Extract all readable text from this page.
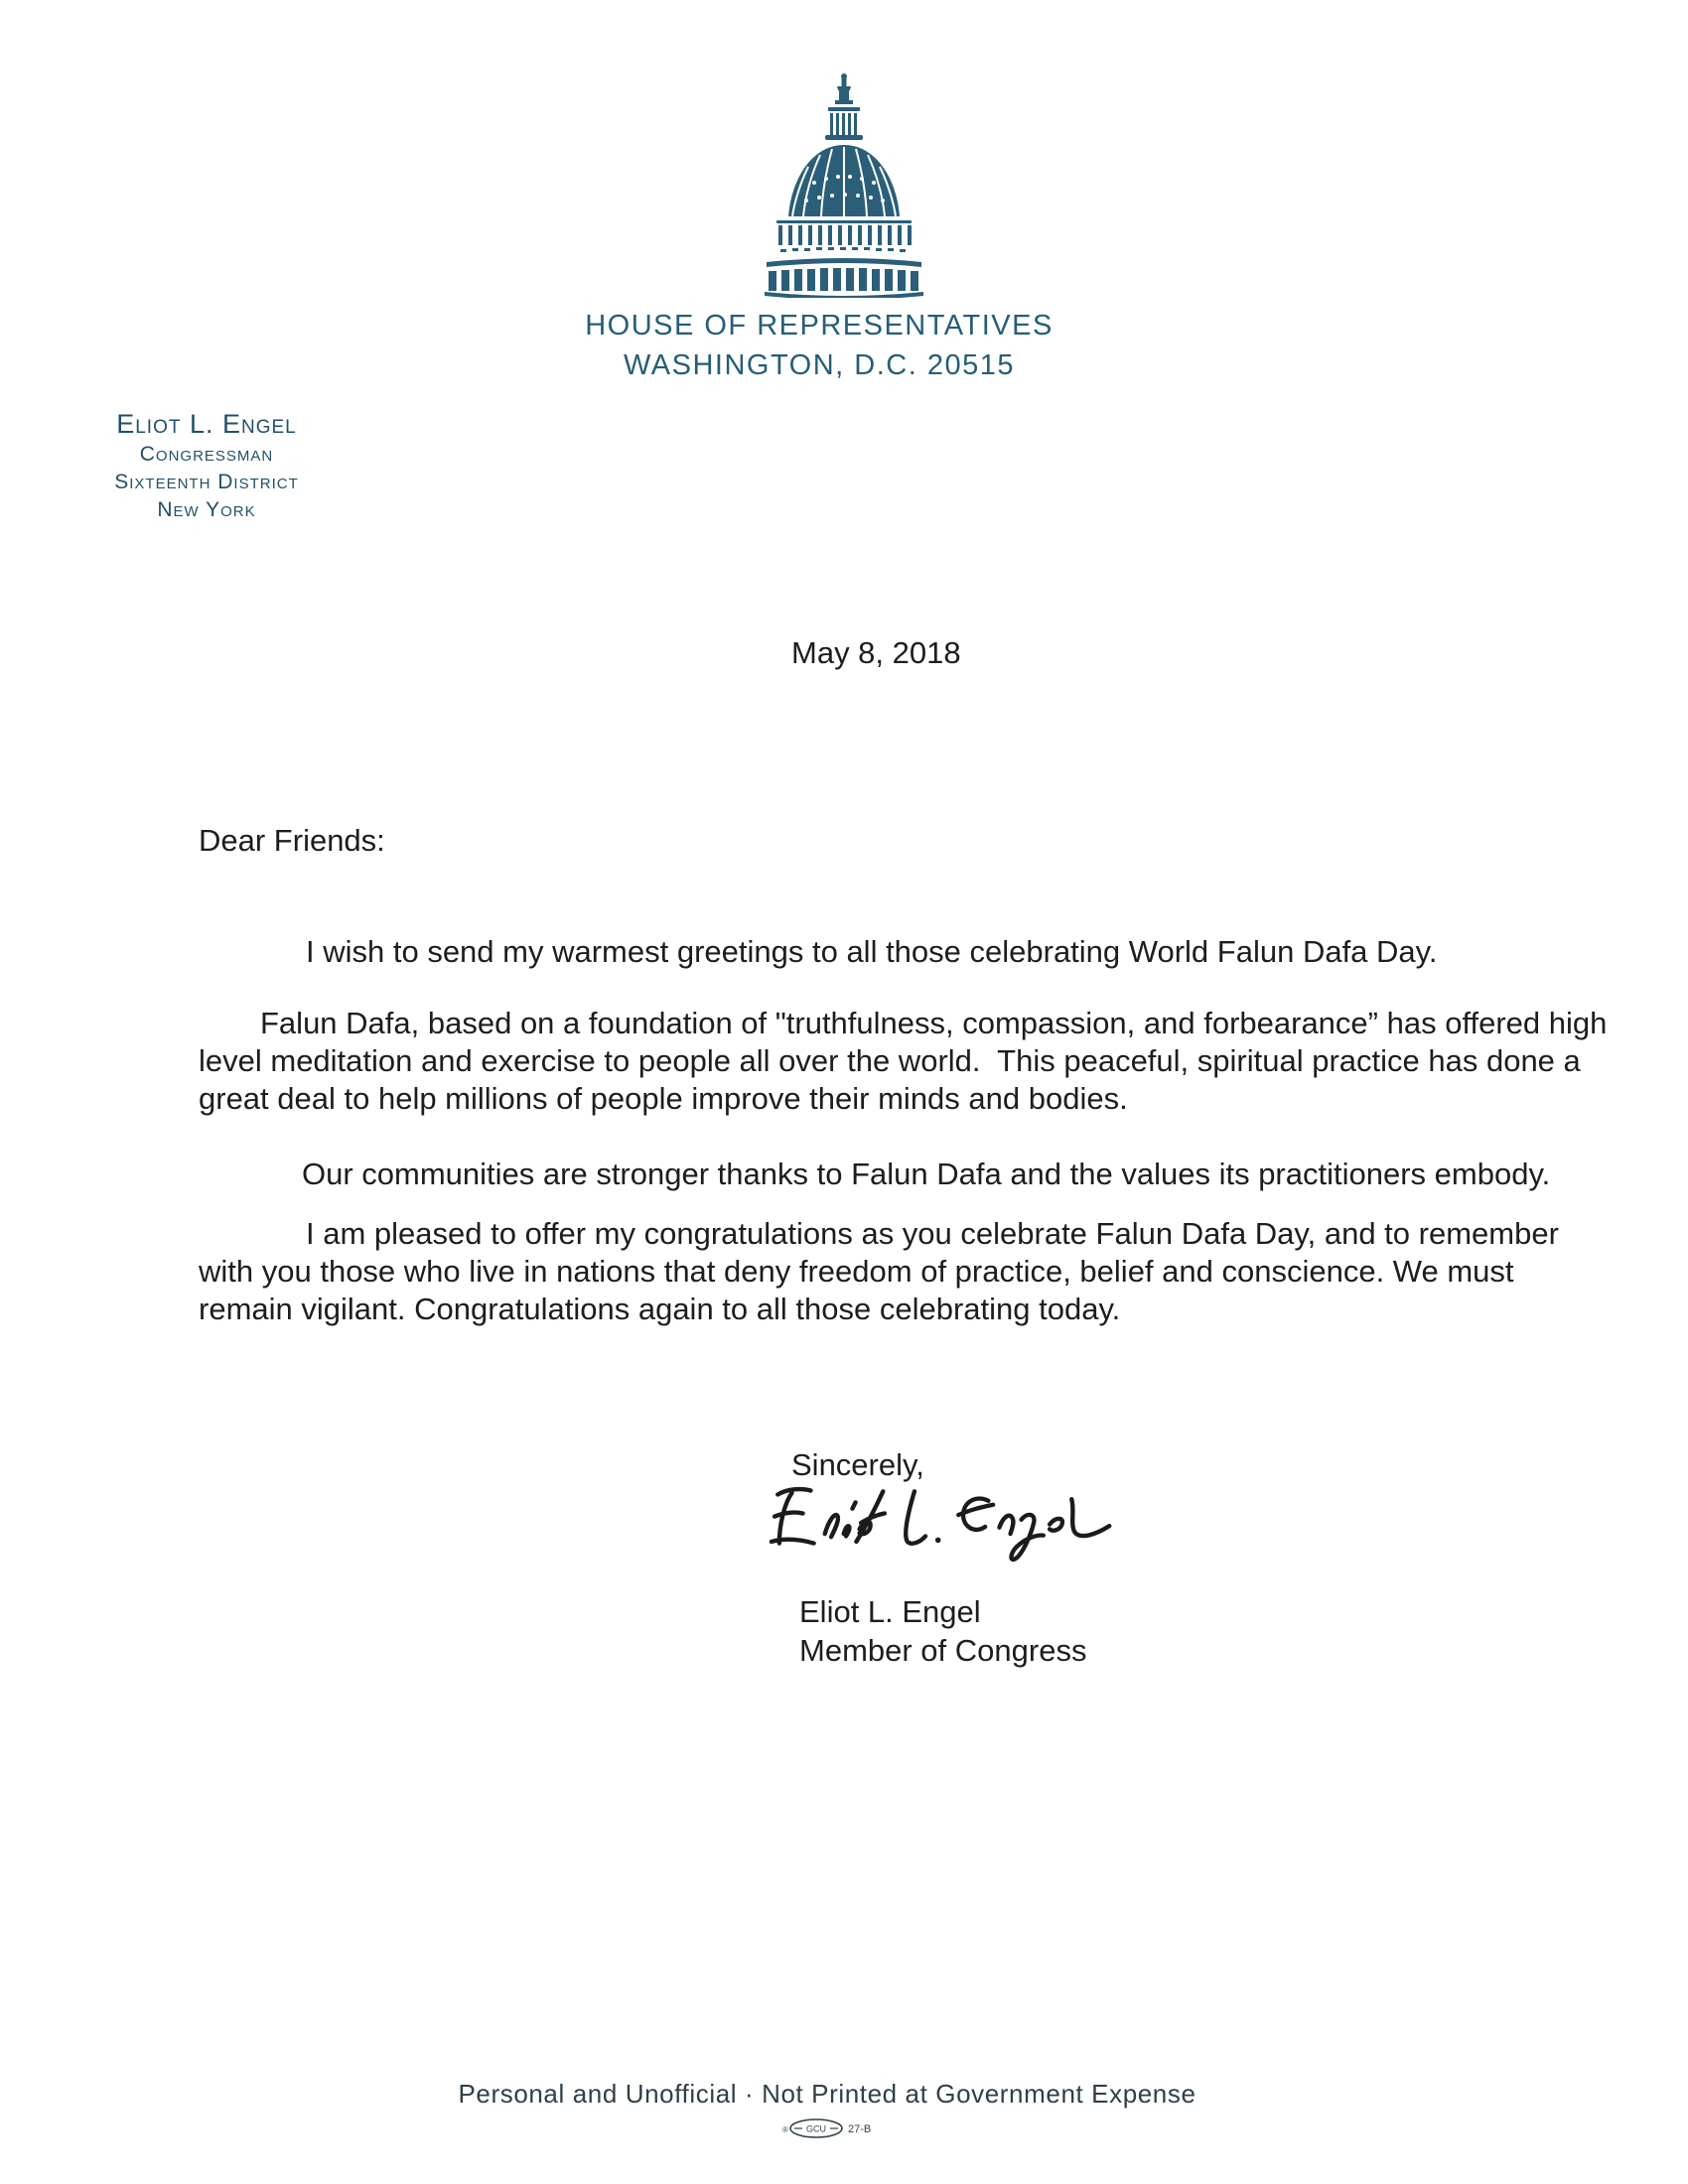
HOUSE OF REPRESENTATIVES
WASHINGTON, D.C. 20515
Eliot L. Engel
Congressman
Sixteenth District
New York
May 8, 2018
Dear Friends:
I wish to send my warmest greetings to all those celebrating World Falun Dafa Day.
Falun Dafa, based on a foundation of "truthfulness, compassion, and forbearance” has offered high
level meditation and exercise to people all over the world.  This peaceful, spiritual practice has done a
great deal to help millions of people improve their minds and bodies.
Our communities are stronger thanks to Falun Dafa and the values its practitioners embody.
I am pleased to offer my congratulations as you celebrate Falun Dafa Day, and to remember
with you those who live in nations that deny freedom of practice, belief and conscience. We must
remain vigilant. Congratulations again to all those celebrating today.
Sincerely,
Eliot L. Engel
Member of Congress
Personal and Unofficial · Not Printed at Government Expense
® GCU 27-B
